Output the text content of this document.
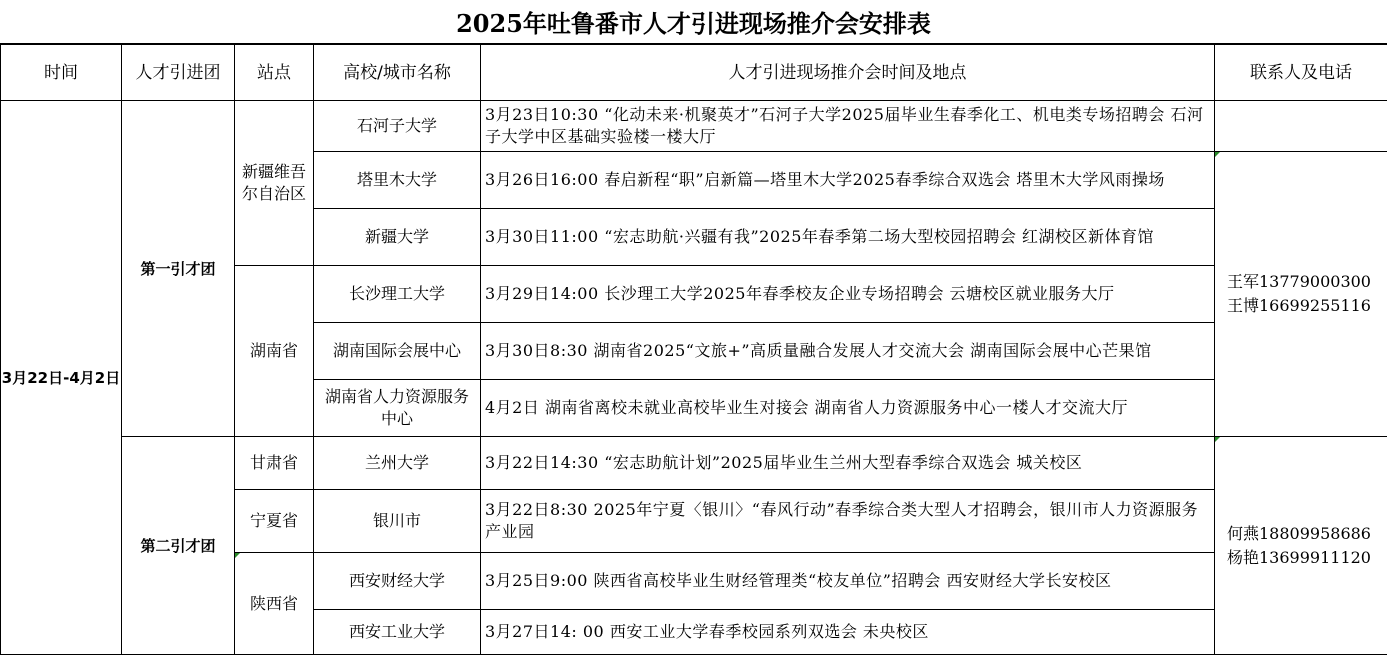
2025年吐鲁番市人才引进现场推介会安排表
时间	人才引进团	站点	高校/城市名称	人才引进现场推介会时间及地点	联系人及电话
3月22日-4月2日	第一引才团	新疆维吾尔自治区	石河子大学	3月23日10:30 “化动未来·机聚英才”石河子大学2025届毕业生春季化工、机电类专场招聘会 石河子大学中区基础实验楼一楼大厅	
			塔里木大学	3月26日16:00 春启新程“职”启新篇—塔里木大学2025春季综合双选会 塔里木大学风雨操场	王军13779000300
王博16699255116

			新疆大学	3月30日11:00 “宏志助航·兴疆有我”2025年春季第二场大型校园招聘会 红湖校区新体育馆	
		湖南省	长沙理工大学	3月29日14:00 长沙理工大学2025年春季校友企业专场招聘会 云塘校区就业服务大厅	
			湖南国际会展中心	3月30日8:30 湖南省2025“文旅+”高质量融合发展人才交流大会 湖南国际会展中心芒果馆	
			湖南省人力资源服务中心	4月2日 湖南省离校未就业高校毕业生对接会 湖南省人力资源服务中心一楼人才交流大厅	
	第二引才团	甘肃省	兰州大学	3月22日14:30 “宏志助航计划”2025届毕业生兰州大型春季综合双选会 城关校区	何燕18809958686
杨艳13699911120

		宁夏省	银川市	3月22日8:30 2025年宁夏〈银川〉“春风行动”春季综合类大型人才招聘会，银川市人力资源服务产业园	
		陕西省	西安财经大学	3月25日9:00 陕西省高校毕业生财经管理类“校友单位”招聘会 西安财经大学长安校区	
			西安工业大学	3月27日14: 00 西安工业大学春季校园系列双选会 未央校区	
